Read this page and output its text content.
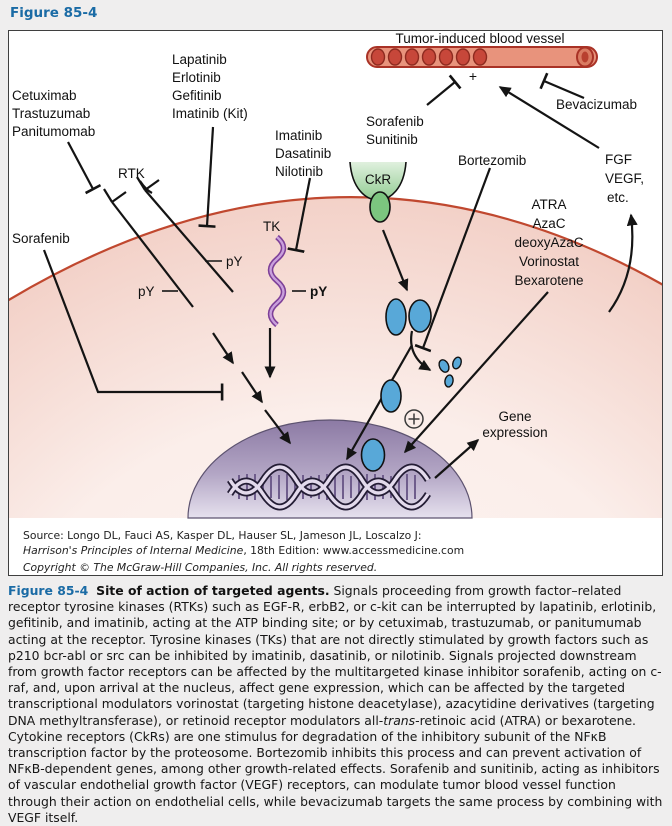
Figure 85-4
Tumor-induced blood vessel
+
Cetuximab
Trastuzumab
Panitumomab
Lapatinib
Erlotinib
Gefitinib
Imatinib (Kit)
Imatinib
Dasatinib
Nilotinib
Sorafenib
Sunitinib
Bevacizumab
Bortezomib	FGF
VEGF,
etc.
RTK
Sorafenib
CkR
TK
pY
pY	pY
ATRA
AzaC
deoxyAzaC
Vorinostat
Bexarotene
Gene
expression
Source: Longo DL, Fauci AS, Kasper DL, Hauser SL, Jameson JL, Loscalzo J:
Harrison's Principles of Internal Medicine, 18th Edition: www.accessmedicine.com
Copyright © The McGraw-Hill Companies, Inc. All rights reserved.
Figure 85-4 Site of action of targeted agents. Signals proceeding from growth factor–related receptor tyrosine kinases (RTKs) such as EGF-R, erbB2, or c-kit can be interrupted by lapatinib, erlotinib, gefitinib, and imatinib, acting at the ATP binding site; or by cetuximab, trastuzumab, or panitumumab acting at the receptor. Tyrosine kinases (TKs) that are not directly stimulated by growth factors such as p210 bcr-abl or src can be inhibited by imatinib, dasatinib, or nilotinib. Signals projected downstream from growth factor receptors can be affected by the multitargeted kinase inhibitor sorafenib, acting on c-raf, and, upon arrival at the nucleus, affect gene expression, which can be affected by the targeted transcriptional modulators vorinostat (targeting histone deacetylase), azacytidine derivatives (targeting DNA methyltransferase), or retinoid receptor modulators all-trans-retinoic acid (ATRA) or bexarotene. Cytokine receptors (CkRs) are one stimulus for degradation of the inhibitory subunit of the NFκB transcription factor by the proteosome. Bortezomib inhibits this process and can prevent activation of NFκB-dependent genes, among other growth-related effects. Sorafenib and sunitinib, acting as inhibitors of vascular endothelial growth factor (VEGF) receptors, can modulate tumor blood vessel function through their action on endothelial cells, while bevacizumab targets the same process by combining with VEGF itself.
